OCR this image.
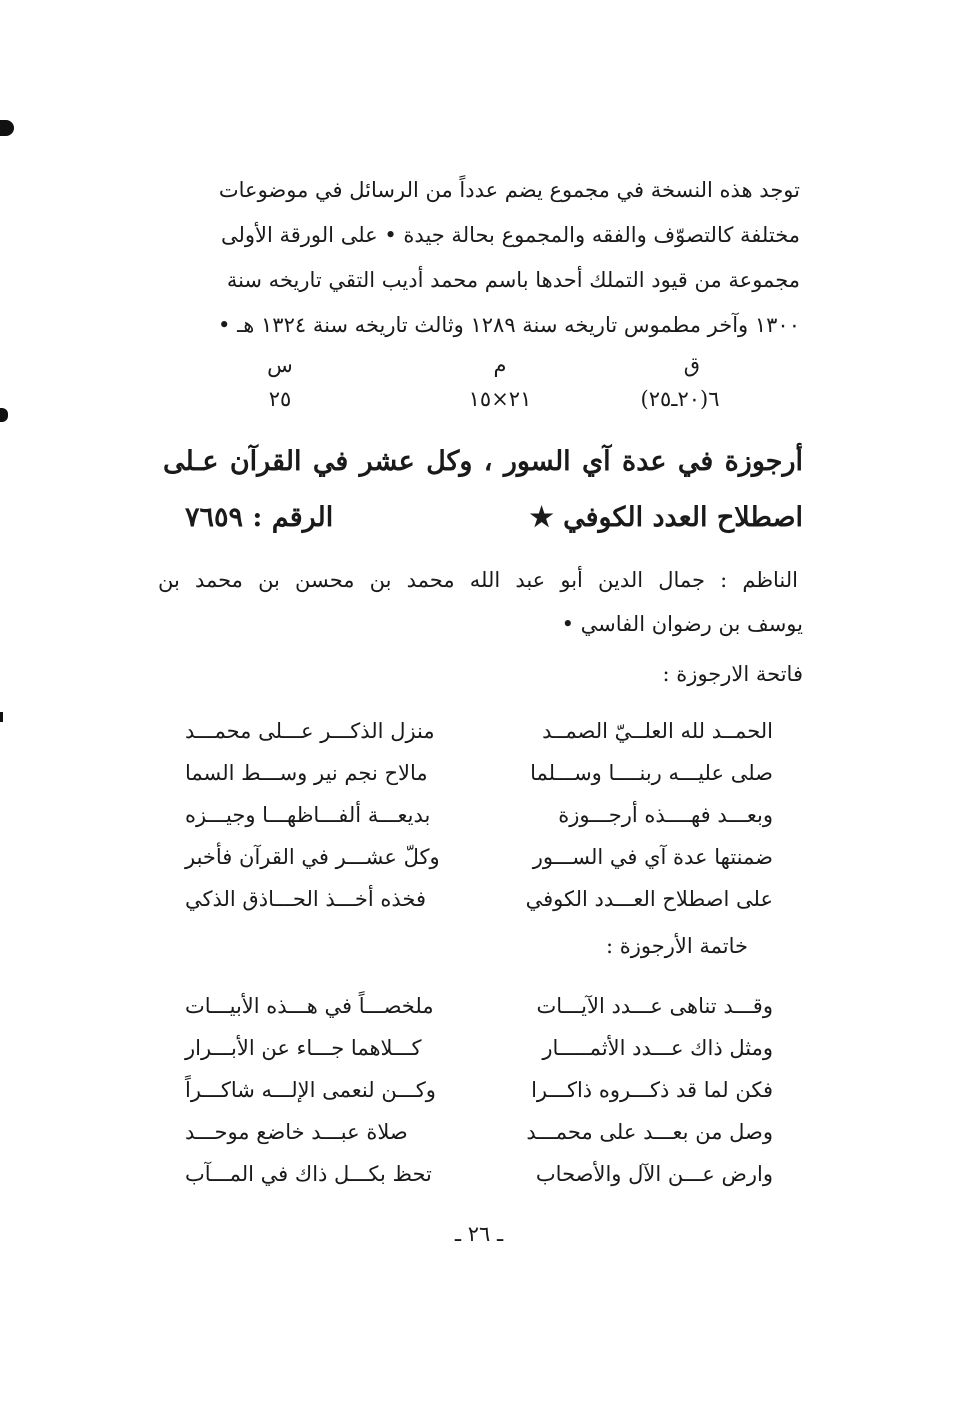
توجد هذه النسخة في مجموع يضم عدداً من الرسائل في موضوعات

مختلفة كالتصوّف والفقه والمجموع بحالة جيدة • على الورقة الأولى

مجموعة من قيود التملك أحدها باسم محمد أديب التقي تاريخه سنة

١٣٠٠ وآخر مطموس تاريخه سنة ١٢٨٩ وثالث تاريخه سنة ١٣٢٤ هـ •

ق
٦(٢٠ـ٢٥)
م
٢١×١٥
س
٢٥
أرجوزة في عدة آي السور ، وكل عشر في القرآن عـلى
اصطلاح العدد الكوفي ★
الرقم : ٧٦٥٩
الناظم : جمال الدين أبو عبد الله محمد بن محسن بن محمد بن
يوسف بن رضوان الفاسي •
فاتحة الارجوزة :
الحمــد لله العلــيّ الصمــد
منزل الذكـــر عـــلى محمـــد
صلى عليـــه ربنــــا وســـلما
مالاح نجم نير وســـط السما
وبعـــد فهــــذه أرجـــوزة
بديعـــة ألفـــاظهـــا وجيـــزه
ضمنتها عدة آي في الســـور
وكلّ عشـــر في القرآن فأخبر
على اصطلاح العـــدد الكوفي
فخذه أخـــذ الحـــاذق الذكي
خاتمة الأرجوزة :
وقـــد تناهى عـــدد الآيـــات
ملخصـــاً في هـــذه الأبيـــات
ومثل ذاك عـــدد الأثمـــــار
كـــلاهما جـــاء عن الأبـــرار
فكن لما قد ذكـــروه ذاكـــرا
وكـــن لنعمى الإلـــه شاكـــراً
وصل من بعـــد على محمـــد
صلاة عبـــد خاضع موحـــد
وارض عـــن الآل والأصحاب
تحظ بكـــل ذاك في المـــآب
ـ ٢٦ ـ
